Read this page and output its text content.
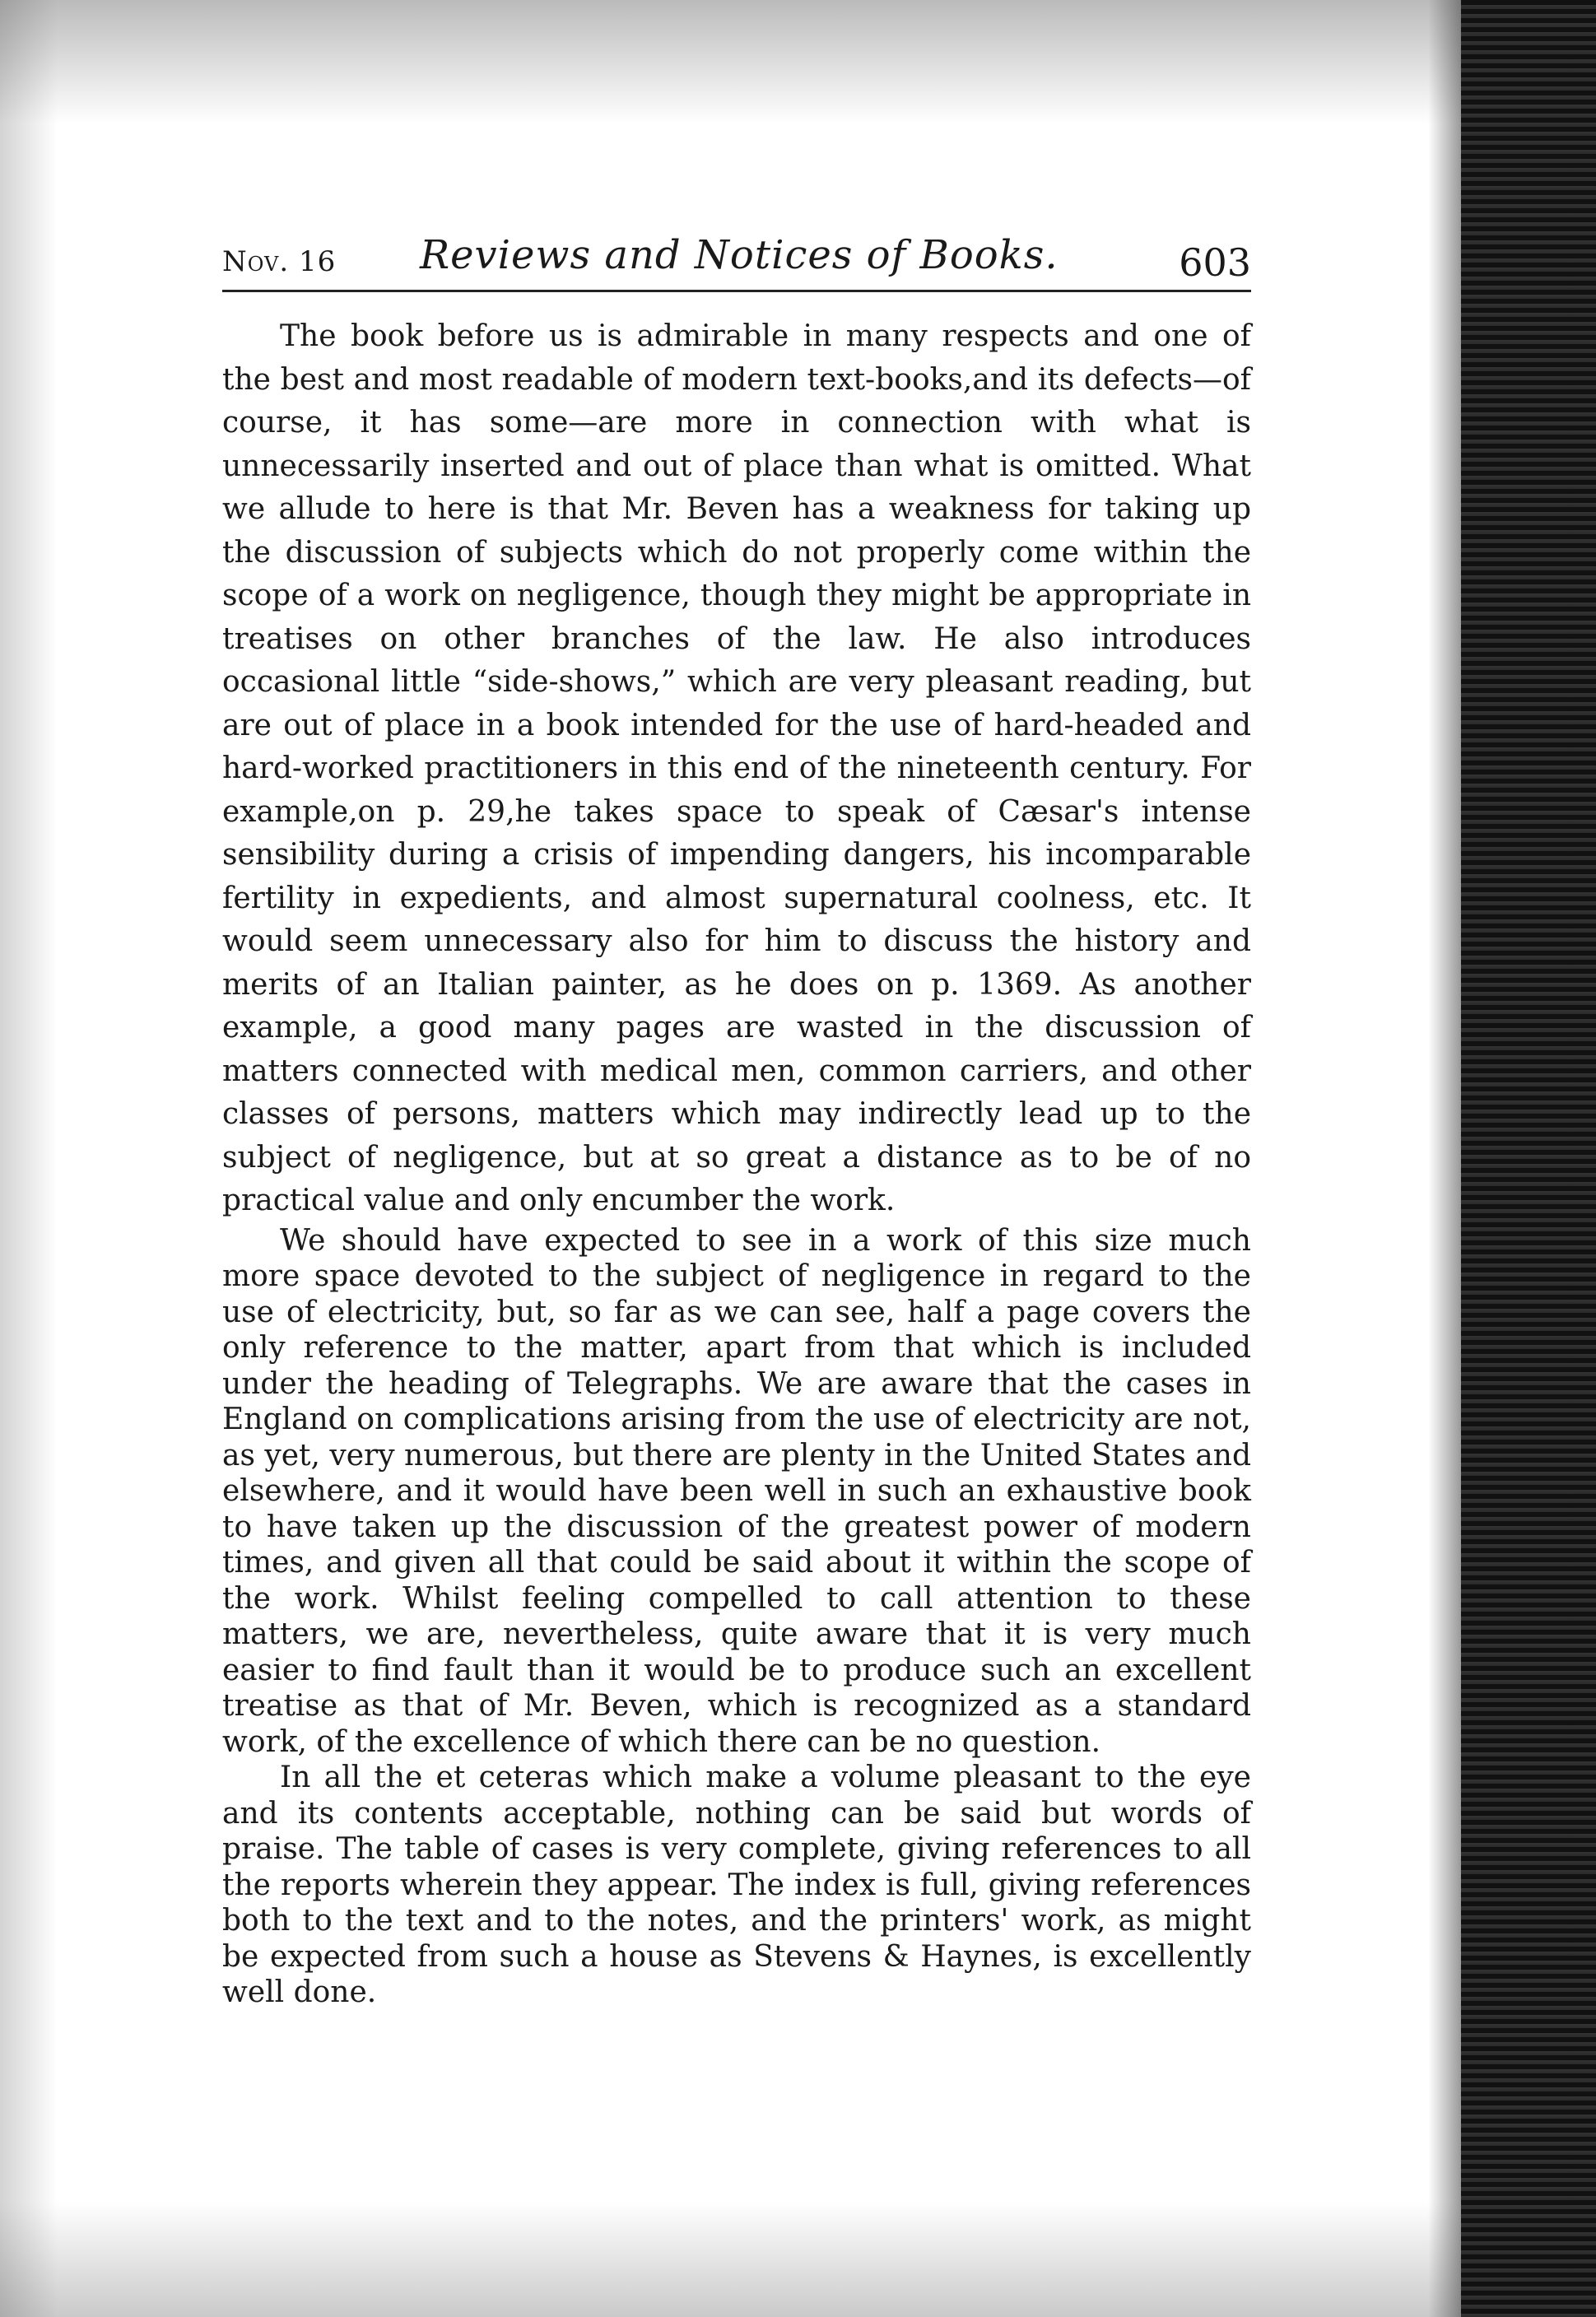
Nov. 16 Reviews and Notices of Books.	603

The book before us is admirable in many respects and one of the best and most readable of modern text-books,and its defects—of course, it has some—are more in connection with what is unnecessarily inserted and out of place than what is omitted. What we allude to here is that Mr. Beven has a weakness for taking up the discussion of subjects which do not properly come within the scope of a work on negligence, though they might be appropriate in treatises on other branches of the law. He also introduces occasional little “side-shows,” which are very pleasant reading, but are out of place in a book intended for the use of hard-headed and hard-worked practitioners in this end of the nineteenth century. For example,on p. 29,he takes space to speak of Cæsar's intense sensibility during a crisis of impending dangers, his incomparable fertility in expedients, and almost supernatural coolness, etc. It would seem unnecessary also for him to discuss the history and merits of an Italian painter, as he does on p. 1369. As another example, a good many pages are wasted in the discussion of matters connected with medical men, common carriers, and other classes of persons, matters which may indirectly lead up to the subject of negligence, but at so great a distance as to be of no practical value and only encumber the work.

We should have expected to see in a work of this size much more space devoted to the subject of negligence in regard to the use of electricity, but, so far as we can see, half a page covers the only reference to the matter, apart from that which is included under the heading of Telegraphs. We are aware that the cases in England on complications arising from the use of electricity are not, as yet, very numerous, but there are plenty in the United States and elsewhere, and it would have been well in such an exhaustive book to have taken up the discussion of the greatest power of modern times, and given all that could be said about it within the scope of the work. Whilst feeling compelled to call attention to these matters, we are, nevertheless, quite aware that it is very much easier to find fault than it would be to produce such an excellent treatise as that of Mr. Beven, which is recognized as a standard work, of the excellence of which there can be no question.

In all the et ceteras which make a volume pleasant to the eye and its contents acceptable, nothing can be said but words of praise. The table of cases is very complete, giving references to all the reports wherein they appear. The index is full, giving references both to the text and to the notes, and the printers' work, as might be expected from such a house as Stevens & Haynes, is excellently well done.
